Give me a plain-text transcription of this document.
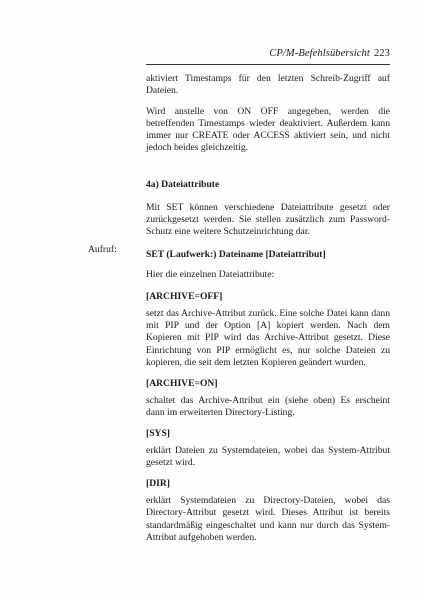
CP/M-Befehlsübersicht 223
Aufruf:

aktiviert Timestamps für den letzten Schreib-Zugriff auf Dateien.

Wird anstelle von ON OFF angegeben, werden die betreffenden Timestamps wieder deaktiviert. Außerdem kann immer nur CREATE oder ACCESS aktiviert sein, und nicht jedoch beides gleichzeitig.

4a) Dateiattribute

Mit SET können verschiedene Dateiattribute gesetzt oder zurückgesetzt werden. Sie stellen zusätzlich zum Password-Schutz eine weitere Schutzeinrichtung dar.

SET (Laufwerk:) Dateiname [Dateiattribut]

Hier die einzelnen Dateiattribute:

[ARCHIVE=OFF]

setzt das Archive-Attribut zurück. Eine solche Datei kann dann mit PIP und der Option [A] kopiert werden. Nach dem Kopieren mit PIP wird das Archive-Attribut gesetzt. Diese Einrichtung von PIP ermöglicht es, nur solche Dateien zu kopieren, die seit dem letzten Kopieren geändert wurden.

[ARCHIVE=ON]

schaltet das Archive-Attribut ein (siehe oben) Es erscheint dann im erweiterten Directory-Listing.

[SYS]

erklärt Dateien zu Systemdateien, wobei das System-Attribut gesetzt wird.

[DIR]

erklärt Systemdateien zu Directory-Dateien, wobei das Directory-Attribut gesetzt wird. Dieses Attribut ist bereits standardmäßig eingeschaltet und kann nur durch das System-Attribut aufgehoben werden.
